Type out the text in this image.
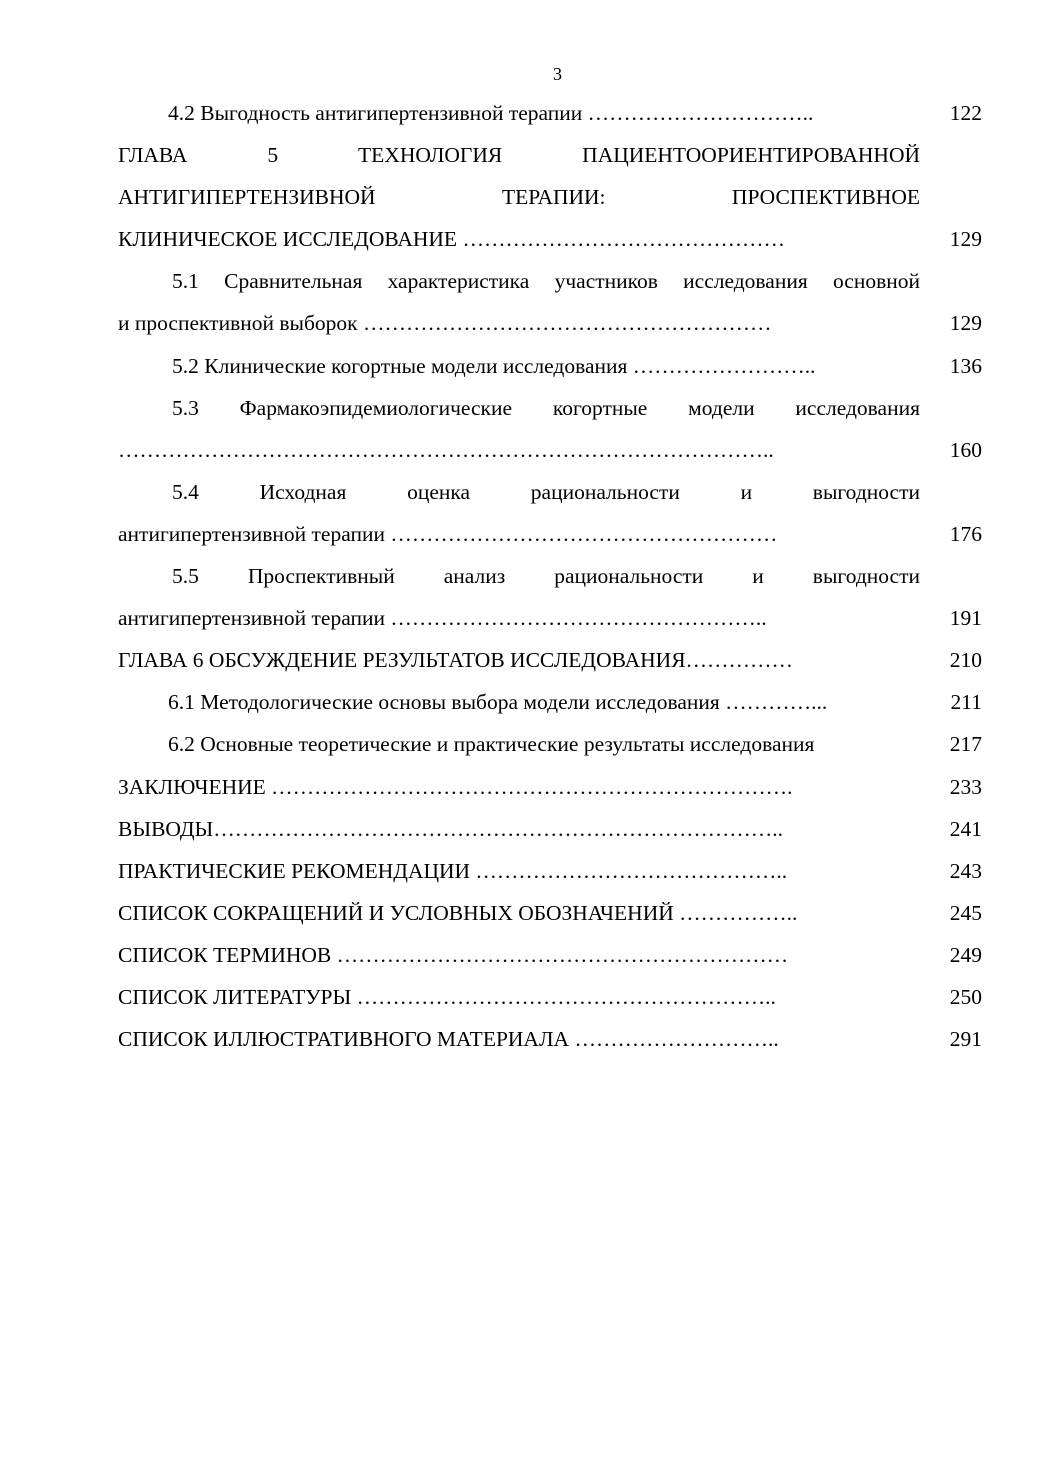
3
4.2 Выгодность антигипертензивной терапии …………………………..	122
ГЛАВА 5 ТЕХНОЛОГИЯ ПАЦИЕНТООРИЕНТИРОВАННОЙ
АНТИГИПЕРТЕНЗИВНОЙ ТЕРАПИИ: ПРОСПЕКТИВНОЕ
КЛИНИЧЕСКОЕ ИССЛЕДОВАНИЕ ………………………………………	129
5.1 Сравнительная характеристика участников исследования основной
и проспективной выборок …………………………………………………	129
5.2 Клинические когортные модели исследования ……………………..	136
5.3 Фармакоэпидемиологические когортные модели исследования
………………………………………………………………………………..	160
5.4 Исходная оценка рациональности и выгодности
антигипертензивной терапии ………………………………………………	176
5.5 Проспективный анализ рациональности и выгодности
антигипертензивной терапии ……………………………………………..	191
ГЛАВА 6 ОБСУЖДЕНИЕ РЕЗУЛЬТАТОВ ИССЛЕДОВАНИЯ……………	210
6.1 Методологические основы выбора модели исследования …………...	211
6.2 Основные теоретические и практические результаты исследования	217
ЗАКЛЮЧЕНИЕ ……………………………………………………………….	233
ВЫВОДЫ……………………………………………………………………..	241
ПРАКТИЧЕСКИЕ РЕКОМЕНДАЦИИ ……………………………………..	243
СПИСОК СОКРАЩЕНИЙ И УСЛОВНЫХ ОБОЗНАЧЕНИЙ ……………..	245
СПИСОК ТЕРМИНОВ ………………………………………………………	249
СПИСОК ЛИТЕРАТУРЫ …………………………………………………..	250
СПИСОК ИЛЛЮСТРАТИВНОГО МАТЕРИАЛА ………………………..	291
